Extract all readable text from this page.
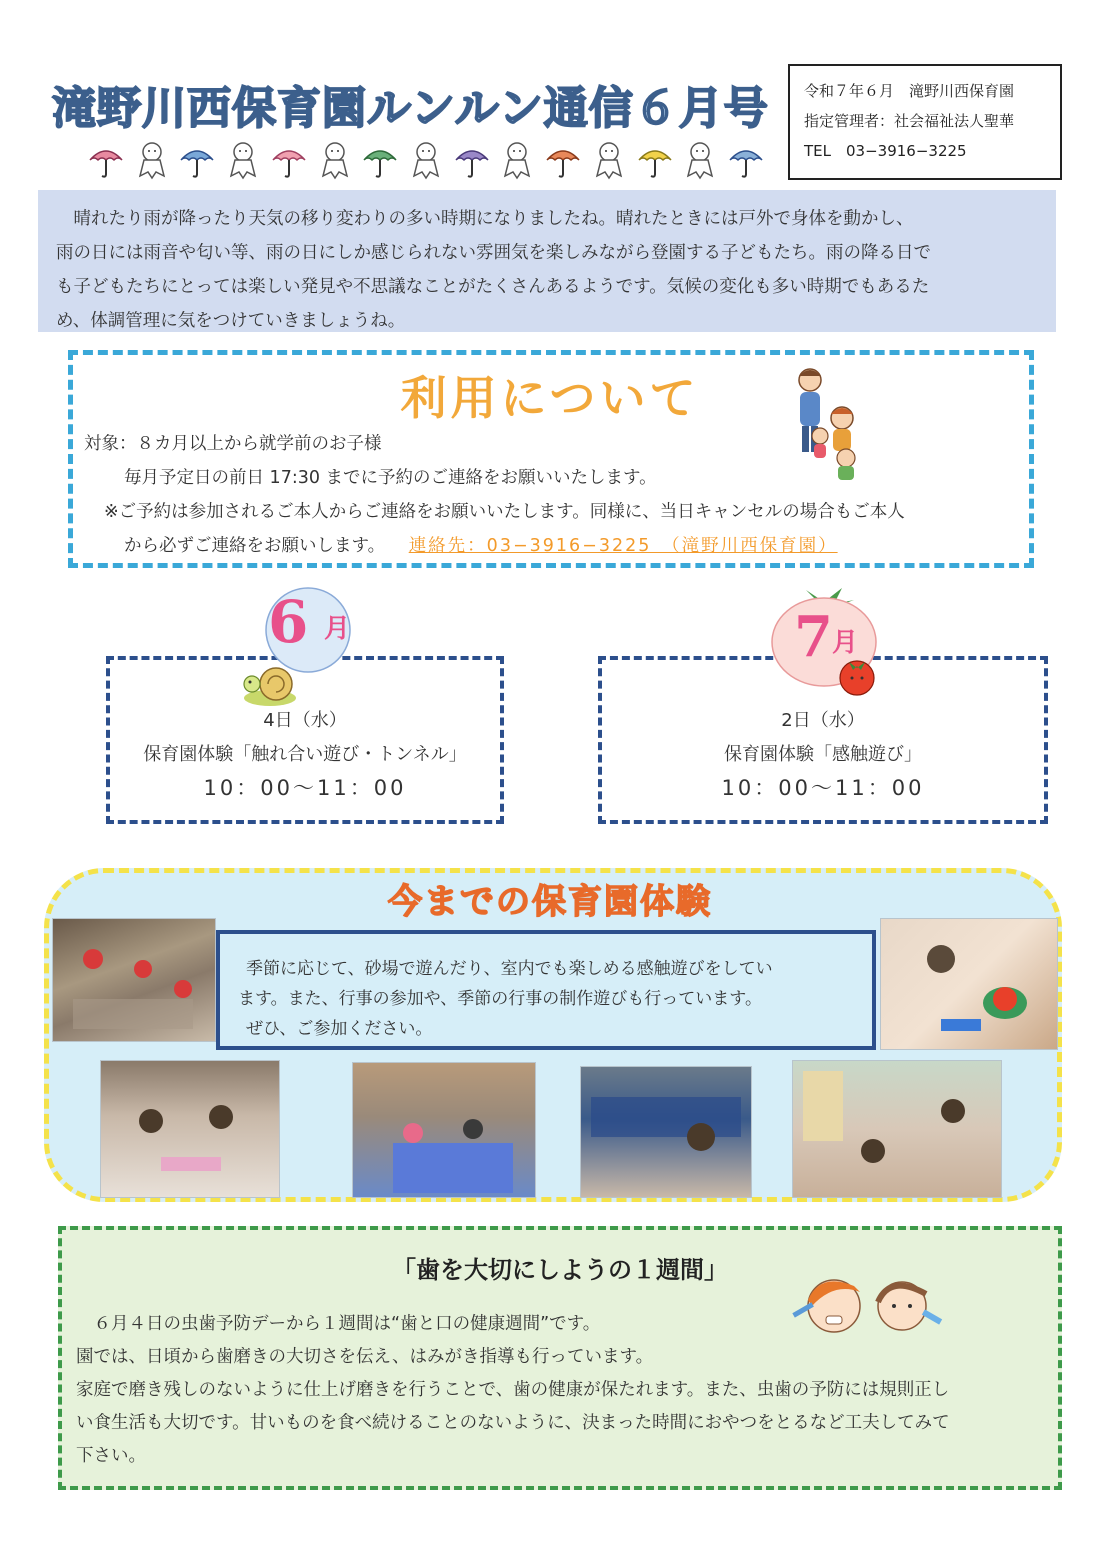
滝野川西保育園ルンルン通信６月号 令和７年６月　滝野川西保育園
指定管理者：社会福祉法人聖華
TEL　03−3916−3225
　晴れたり雨が降ったり天気の移り変わりの多い時期になりましたね。晴れたときには戸外で身体を動かし、
雨の日には雨音や匂い等、雨の日にしか感じられない雰囲気を楽しみながら登園する子どもたち。雨の降る日で
も子どもたちにとっては楽しい発見や不思議なことがたくさんあるようです。気候の変化も多い時期でもあるた
め、体調管理に気をつけていきましょうね。
利用について
対象：８カ月以上から就学前のお子様
毎月予定日の前日 17:30 までに予約のご連絡をお願いいたします。
※ご予約は参加されるご本人からご連絡をお願いいたします。同様に、当日キャンセルの場合もご本人
から必ずご連絡をお願いします。 連絡先：03−3916−3225　（滝野川西保育園）
4日（水）
保育園体験「触れ合い遊び・トンネル」
10：00〜11：00
6 月
2日（水）
保育園体験「感触遊び」
10：00〜11：00
7 月
今までの保育園体験
季節に応じて、砂場で遊んだり、室内でも楽しめる感触遊びをしてい
ます。また、行事の参加や、季節の行事の制作遊びも行っています。
ぜひ、ご参加ください。
「歯を大切にしようの１週間」
　６月４日の虫歯予防デーから１週間は“歯と口の健康週間”です。
園では、日頃から歯磨きの大切さを伝え、はみがき指導も行っています。
家庭で磨き残しのないように仕上げ磨きを行うことで、歯の健康が保たれます。また、虫歯の予防には規則正し
い食生活も大切です。甘いものを食べ続けることのないように、決まった時間におやつをとるなど工夫してみて
下さい。
